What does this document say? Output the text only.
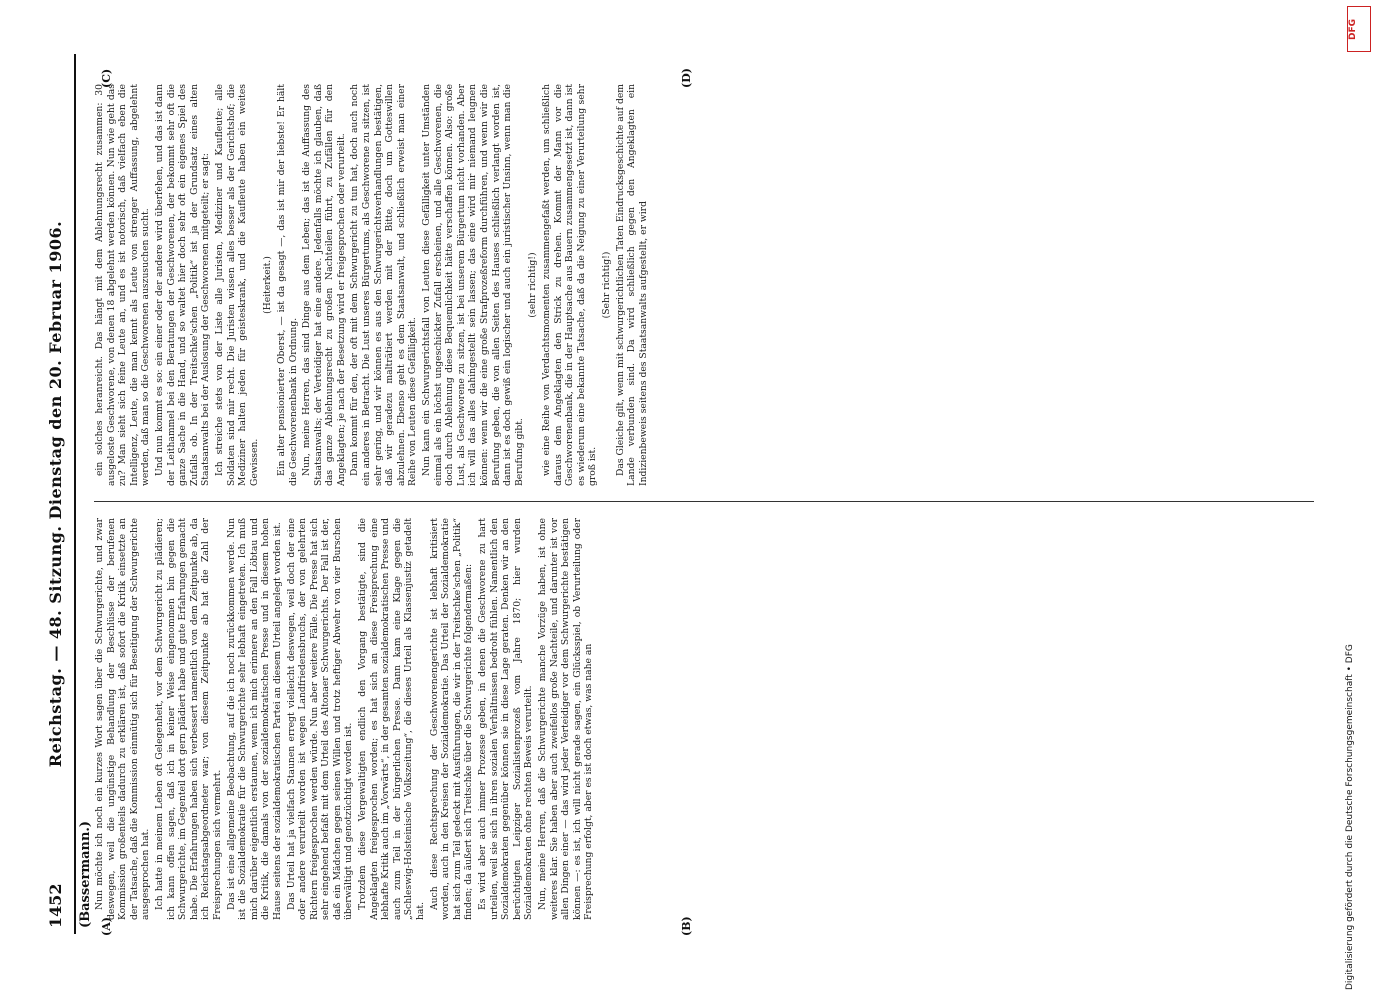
1452
Reichstag. — 48. Sitzung. Dienstag den 20. Februar 1906.
(Bassermann.) (A)	(B)
(C)	(D)

Nun möchte ich noch ein kurzes Wort sagen über die Schwurgerichte, und zwar deswegen, weil die ungünstige Behandlung der Beschlüsse der berufenen Kommission großenteils dadurch zu erklären ist, daß sofort die Kritik einsetzte an der Tatsache, daß die Kommission einmütig sich für Beseitigung der Schwurgerichte ausgesprochen hat. Ich hatte in meinem Leben oft Gelegenheit, vor dem Schwurgericht zu plädieren; ich kann offen sagen, daß ich in keiner Weise eingenommen bin gegen die Schwurgerichte, im Gegenteil dort gern plädiert habe und gute Erfahrungen gemacht habe. Die Erfahrungen haben sich verbessert namentlich von dem Zeitpunkte ab, da ich Reichstagsabgeordneter war; von diesem Zeitpunkte ab hat die Zahl der Freisprechungen sich vermehrt. Das ist eine allgemeine Beobachtung, auf die ich noch zurückkommen werde. Nun ist die Sozialdemokratie für die Schwurgerichte sehr lebhaft eingetreten. Ich muß mich darüber eigentlich erstaunen, wenn ich mich erinnere an den Fall Löbtau und die Kritik, die damals von der sozialdemokratischen Presse und in diesem hohen Hause seitens der sozialdemokratischen Partei an diesem Urteil angelegt worden ist. Das Urteil hat ja vielfach Staunen erregt vielleicht deswegen, weil doch der eine oder andere verurteilt worden ist wegen Landfriedensbruchs, der von gelehrten Richtern freigesprochen werden würde. Nun aber weitere Fälle. Die Presse hat sich sehr eingehend befaßt mit dem Urteil des Altonaer Schwurgerichts. Der Fall ist der, daß ein Mädchen gegen seinen Willen und trotz heftiger Abwehr von vier Burschen überwältigt und genotzüchtigt worden ist. Trotzdem diese Vergewaltigten endlich den Vorgang bestätigte, sind die Angeklagten freigesprochen worden; es hat sich an diese Freisprechung eine lebhafte Kritik auch im „Vorwärts“, in der gesamten sozialdemokratischen Presse und auch zum Teil in der bürgerlichen Presse. Dann kam eine Klage gegen die „Schleswig-Holsteinische Volkszeitung“, die dieses Urteil als Klassenjustiz getadelt hat.

Auch diese Rechtsprechung der Geschworenengerichte ist lebhaft kritisiert worden, auch in den Kreisen der Sozialdemokratie. Das Urteil der Sozialdemokratie hat sich zum Teil gedeckt mit Ausführungen, die wir in der Treitschke'schen „Politik“ finden; da äußert sich Treitschke über die Schwurgerichte folgendermaßen: Es wird aber auch immer Prozesse geben, in denen die Geschworene zu hart urteilen, weil sie sich in ihren sozialen Verhältnissen bedroht fühlen. Namentlich den Sozialdemokraten gegenüber können sie in diese Lage geraten. Denken wir an den berüchtigten Leipziger Sozialistenprozeß vom Jahre 1870; hier wurden Sozialdemokraten ohne rechten Beweis verurteilt. Nun, meine Herren, daß die Schwurgerichte manche Vorzüge haben, ist ohne weiteres klar. Sie haben aber auch zweifellos große Nachteile, und darunter ist vor allen Dingen einer — das wird jeder Verteidiger vor dem Schwurgerichte bestätigen können —: es ist, ich will nicht gerade sagen, ein Glücksspiel, ob Verurteilung oder Freisprechung erfolgt, aber es ist doch etwas, was nahe an

ein solches heranreicht. Das hängt mit dem Ablehnungsrecht zusammen: 30 ausgeloste Geschworene, von denen 18 abgelehnt werden können. Nun wie geht das zu? Man sieht sich feine Leute an, und es ist notorisch, daß vielfach eben die Intelligenz, Leute, die man kennt als Leute von strenger Auffassung, abgelehnt werden, daß man so die Geschworenen auszusuchen sucht. Und nun kommt es so: ein einer oder der andere wird überfehen, und das ist dann der Leithammel bei den Beratungen der Geschworenen, der bekommt sehr oft die ganze Sache in die Hand, und so waltet hier doch sehr oft ein eigenes Spiel des Zufalls ob. In der Treitschke'schen „Politik“ ist ja der Grundsatz eines alten Staatsanwalts bei der Auslosung der Geschworenen mitgeteilt; er sagt: Ich streiche stets von der Liste alle Juristen, Mediziner und Kaufleute; alle Soldaten sind mir recht. Die Juristen wissen alles besser als der Gerichtshof; die Mediziner halten jeden für geisteskrank, und die Kaufleute haben ein weites Gewissen.

(Heiterkeit.) Ein alter pensionierter Oberst, — ist da gesagt —, das ist mir der liebste! Er hält die Geschworenenbank in Ordnung. Nun, meine Herren, das sind Dinge aus dem Leben; das ist die Auffassung des Staatsanwalts; der Verteidiger hat eine andere. Jedenfalls möchte ich glauben, daß das ganze Ablehnungsrecht zu großen Nachteilen führt, zu Zufällen für den Angeklagten; je nach der Besetzung wird er freigesprochen oder verurteilt. Dann kommt für den, der oft mit dem Schwurgericht zu tun hat, doch auch noch ein anderes in Betracht. Die Lust unseres Bürgertums, als Geschworene zu sitzen, ist sehr gering, und wir können es aus den Schwurgerichtsverhandlungen bestätigen, daß wir geradezu malträtiert werden mit der Bitte, doch um Gotteswillen abzulehnen. Ebenso geht es dem Staatsanwalt, und schließlich erweist man einer Reihe von Leuten diese Gefälligkeit. Nun kann ein Schwurgerichtsfall von Leuten diese Gefälligkeit unter Umständen einmal als ein höchst ungeschickter Zufall erscheinen, und alle Geschworenen, die doch durch Ablehnung diese Bequemlichkeit hätte verschaffen können. Also: große Lust, als Geschworene zu sitzen, ist bei unserem Bürgertum nicht vorhanden. Aber ich will das alles dahingestellt sein lassen; das eine wird mir niemand leugnen können: wenn wir die eine große Strafprozeßreform durchführen, und wenn wir die Berufung geben, die von allen Seiten des Hauses schließlich verlangt worden ist, dann ist es doch gewiß ein logischer und auch ein juristischer Unsinn, wenn man die Berufung gibt.

(sehr richtig!) wie eine Reihe von Verdachtsmomenten zusammengefaßt werden, um schließlich daraus dem Angeklagten den Strick zu drehen. Kommt der Mann vor die Geschworenenbank, die in der Hauptsache aus Bauern zusammengesetzt ist, dann ist es wiederum eine bekannte Tatsache, daß da die Neigung zu einer Verurteilung sehr groß ist.

(Sehr richtig!) Das Gleiche gilt, wenn mit schwurgerichtlichen Taten Eindrucksgeschichte auf dem Lande verbunden sind. Da wird schließlich gegen den Angeklagten ein Indizienbeweis seitens des Staatsanwalts aufgestellt, er wird

DFG
Digitalisierung gefördert durch die Deutsche Forschungsgemeinschaft • DFG
